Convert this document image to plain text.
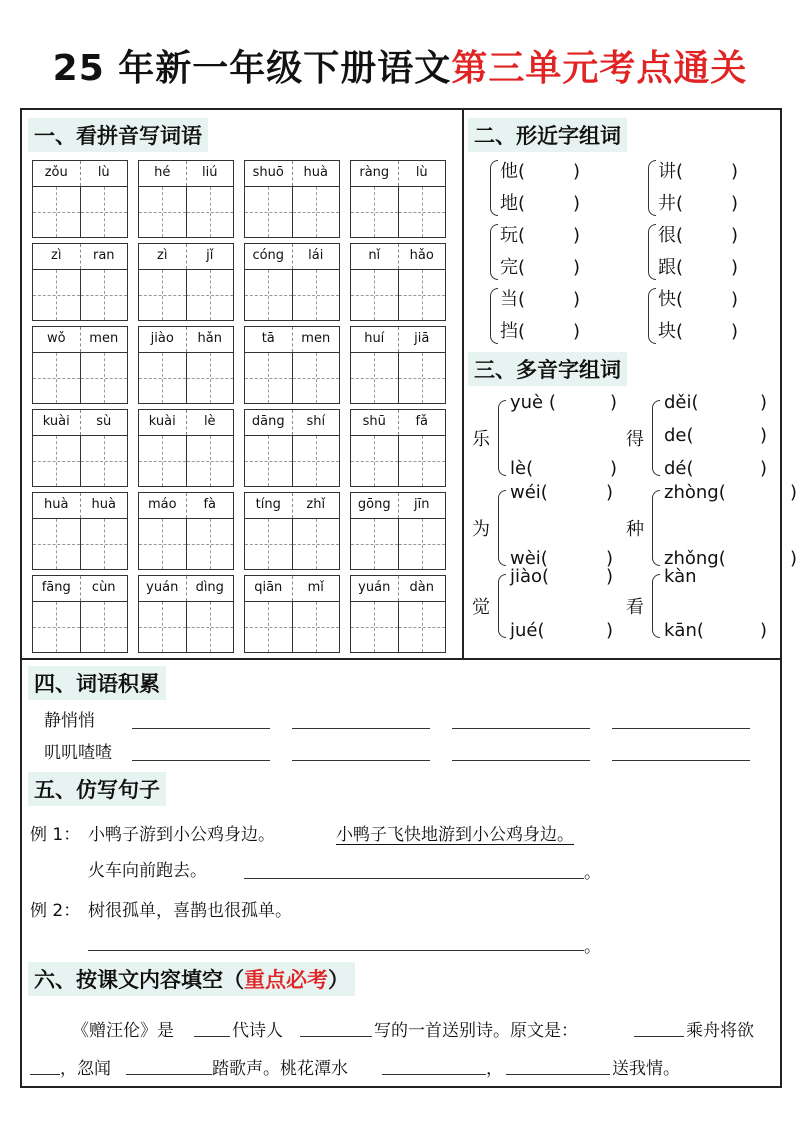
25 年新一年级下册语文第三单元考点通关
一、看拼音写词语
zǒu	lù	hé	liú	shuō	huà	ràng	lù
zì	ran	zì	jǐ	cóng	lái	nǐ	hǎo
wǒ	men	jiào	hǎn	tā	men	huí	jiā
kuài	sù	kuài	lè	dāng	shí	shū	fǎ
huà	huà	máo	fà	tíng	zhǐ	gōng	jīn
fāng	cùn	yuán	dìng	qiān	mǐ	yuán	dàn
二、形近字组词
他(	)
地(	)
讲(	)
井(	)
玩(	)
完(	)
很(	)
跟(	)
当(	)
挡(	)
快(	)
块(	)
三、多音字组词
乐
yuè (	)
lè(	)
得
děi(	)
de(	)
dé(	)
为
wéi(	)
wèi(	)
种
zhòng(	)
zhǒng(	)
觉
jiào(	)
jué(	)
看
kàn
kān(	)
四、词语积累
静悄悄
叽叽喳喳
五、仿写句子
例 1： 小鸭子游到小公鸡身边。	小鸭子飞快地游到小公鸡身边。
火车向前跑去。	。
例 2： 树很孤单，喜鹊也很孤单。
。
六、按课文内容填空（重点必考）
《赠汪伦》是	代诗人	写的一首送别诗。原文是：	乘舟将欲
，忽闻	踏歌声。桃花潭水	，	送我情。
